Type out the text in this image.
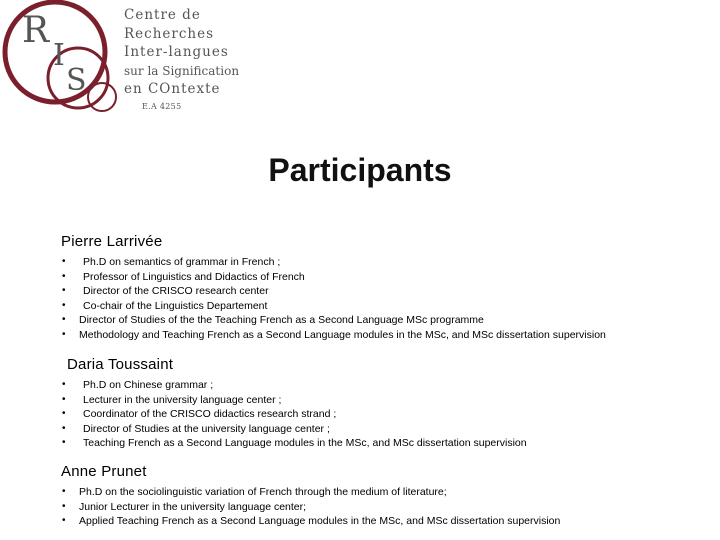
R
I
S
Centre de
Recherches
Inter-langues
sur la Signification
en COntexte
E.A 4255
Participants
Pierre Larrivée
• Ph.D on semantics of grammar in French ;
• Professor of Linguistics and Didactics of French
• Director of the CRISCO research center
• Co-chair of the Linguistics Departement
• Director of Studies of the the Teaching French as a Second Language MSc programme
• Methodology and Teaching French as a Second Language modules in the MSc, and MSc dissertation supervision
Daria Toussaint
• Ph.D on Chinese grammar ;
• Lecturer in the university language center ;
• Coordinator of the CRISCO didactics research strand ;
• Director of Studies at the university language center ;
• Teaching French as a Second Language modules in the MSc, and MSc dissertation supervision
Anne Prunet
• Ph.D on the sociolinguistic variation of French through the medium of literature;
• Junior Lecturer in the university language center;
• Applied Teaching French as a Second Language modules in the MSc, and MSc dissertation supervision
